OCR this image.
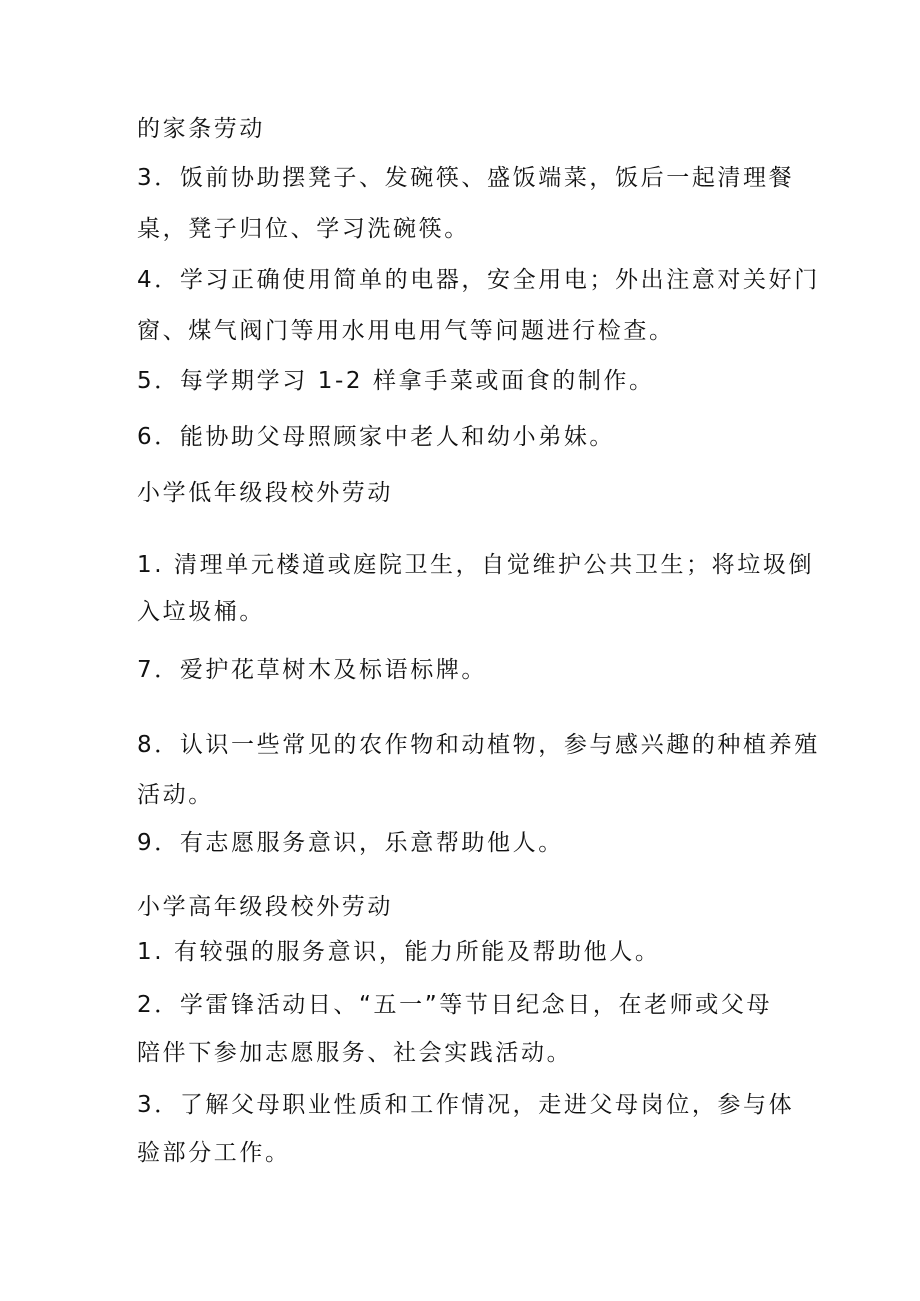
的家条劳动
3．饭前协助摆凳子、发碗筷、盛饭端菜，饭后一起清理餐
桌，凳子归位、学习洗碗筷。
4．学习正确使用简单的电器，安全用电；外出注意对关好门
窗、煤气阀门等用水用电用气等问题进行检查。
5．每学期学习 1-2 样拿手菜或面食的制作。
6．能协助父母照顾家中老人和幼小弟妹。
小学低年级段校外劳动
1. 清理单元楼道或庭院卫生，自觉维护公共卫生；将垃圾倒
入垃圾桶。
7．爱护花草树木及标语标牌。
8．认识一些常见的农作物和动植物，参与感兴趣的种植养殖
活动。
9．有志愿服务意识，乐意帮助他人。
小学高年级段校外劳动
1. 有较强的服务意识，能力所能及帮助他人。
2．学雷锋活动日、“五一”等节日纪念日，在老师或父母
陪伴下参加志愿服务、社会实践活动。
3．了解父母职业性质和工作情况，走进父母岗位，参与体
验部分工作。
